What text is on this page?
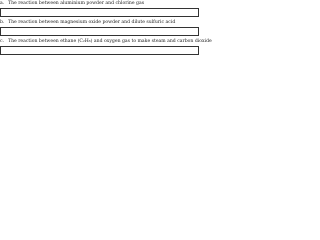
a. The reaction between aluminium powder and chlorine gas
b. The reaction between magnesium oxide powder and dilute sulfuric acid
c. The reaction between ethane (C₂H₆) and oxygen gas to make steam and carbon dioxide
